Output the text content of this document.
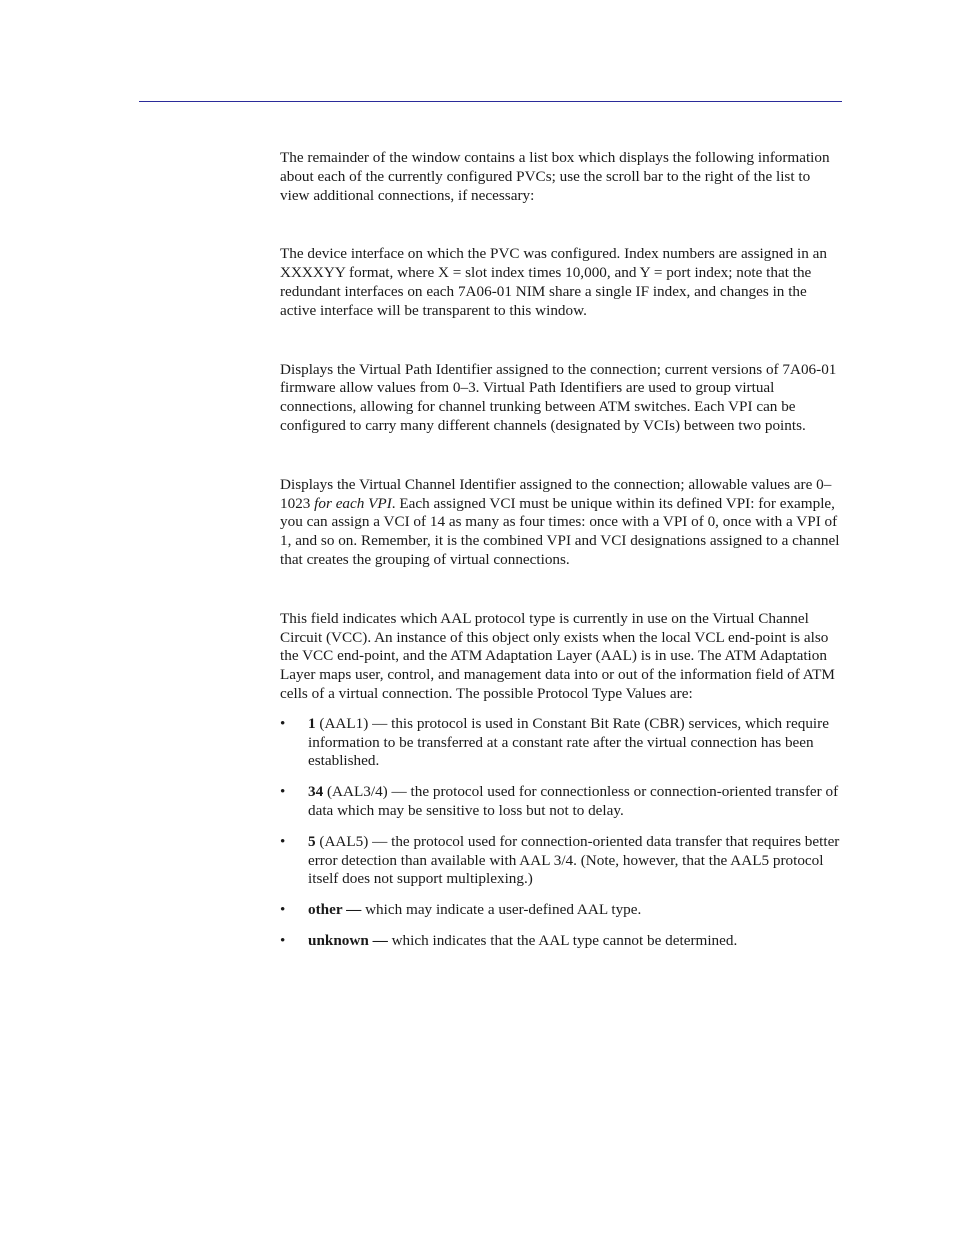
The remainder of the window contains a list box which displays the following information about each of the currently configured PVCs; use the scroll bar to the right of the list to view additional connections, if necessary:

The device interface on which the PVC was configured. Index numbers are assigned in an XXXXYY format, where X = slot index times 10,000, and Y = port index; note that the redundant interfaces on each 7A06-01 NIM share a single IF index, and changes in the active interface will be transparent to this window.

Displays the Virtual Path Identifier assigned to the connection; current versions of 7A06-01 firmware allow values from 0–3. Virtual Path Identifiers are used to group virtual connections, allowing for channel trunking between ATM switches. Each VPI can be configured to carry many different channels (designated by VCIs) between two points.

Displays the Virtual Channel Identifier assigned to the connection; allowable values are 0–1023 for each VPI. Each assigned VCI must be unique within its defined VPI: for example, you can assign a VCI of 14 as many as four times: once with a VPI of 0, once with a VPI of 1, and so on. Remember, it is the combined VPI and VCI designations assigned to a channel that creates the grouping of virtual connections.

This field indicates which AAL protocol type is currently in use on the Virtual Channel Circuit (VCC). An instance of this object only exists when the local VCL end-point is also the VCC end-point, and the ATM Adaptation Layer (AAL) is in use. The ATM Adaptation Layer maps user, control, and management data into or out of the information field of ATM cells of a virtual connection. The possible Protocol Type Values are:

•	1 (AAL1) — this protocol is used in Constant Bit Rate (CBR) services, which require information to be transferred at a constant rate after the virtual connection has been established.
•	34 (AAL3/4) — the protocol used for connectionless or connection-oriented transfer of data which may be sensitive to loss but not to delay.
•	5 (AAL5) — the protocol used for connection-oriented data transfer that requires better error detection than available with AAL 3/4. (Note, however, that the AAL5 protocol itself does not support multiplexing.)
•	other — which may indicate a user-defined AAL type.
•	unknown — which indicates that the AAL type cannot be determined.
